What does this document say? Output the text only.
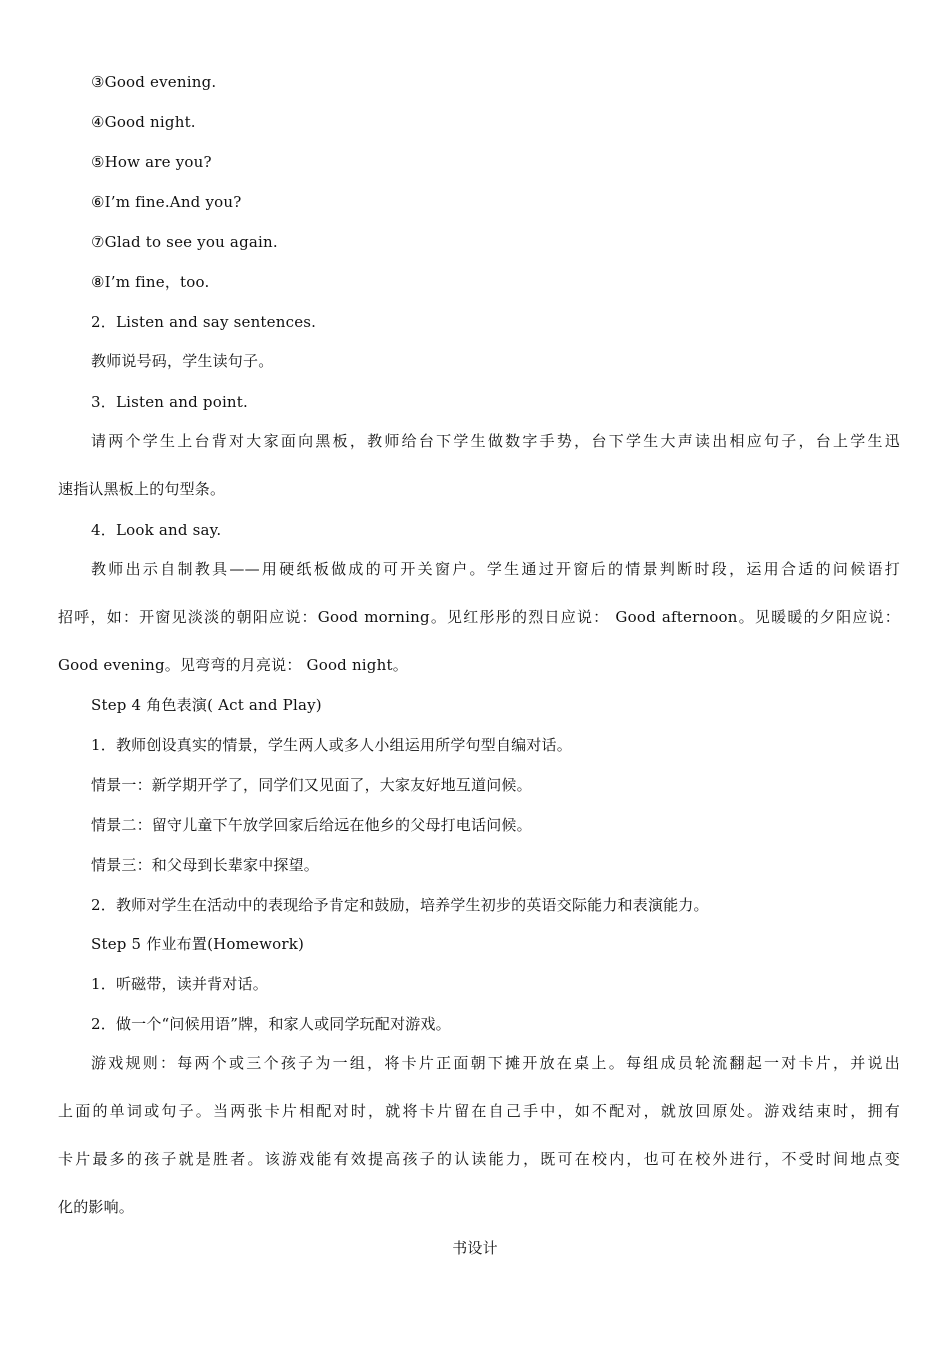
③Good evening.
④Good night.
⑤How are you?
⑥I’m fine.And you?
⑦Glad to see you again.
⑧I’m fine，too.
2．Listen and say sentences.
教师说号码，学生读句子。
3．Listen and point.
请两个学生上台背对大家面向黑板，教师给台下学生做数字手势，台下学生大声读出相应句子，台上学生迅
速指认黑板上的句型条。
4．Look and say.
教师出示自制教具——用硬纸板做成的可开关窗户。学生通过开窗后的情景判断时段，运用合适的问候语打
招呼，如：开窗见淡淡的朝阳应说：Good morning。见红彤彤的烈日应说： Good afternoon。见暖暖的夕阳应说：
Good evening。见弯弯的月亮说： Good night。
Step 4 角色表演( Act and Play)
1．教师创设真实的情景，学生两人或多人小组运用所学句型自编对话。
情景一：新学期开学了，同学们又见面了，大家友好地互道问候。
情景二：留守儿童下午放学回家后给远在他乡的父母打电话问候。
情景三：和父母到长辈家中探望。
2．教师对学生在活动中的表现给予肯定和鼓励，培养学生初步的英语交际能力和表演能力。
Step 5 作业布置(Homework)
1．听磁带，读并背对话。
2．做一个“问候用语”牌，和家人或同学玩配对游戏。
游戏规则：每两个或三个孩子为一组，将卡片正面朝下摊开放在桌上。每组成员轮流翻起一对卡片，并说出
上面的单词或句子。当两张卡片相配对时，就将卡片留在自己手中，如不配对，就放回原处。游戏结束时，拥有
卡片最多的孩子就是胜者。该游戏能有效提高孩子的认读能力，既可在校内，也可在校外进行，不受时间地点变
化的影响。
书设计
